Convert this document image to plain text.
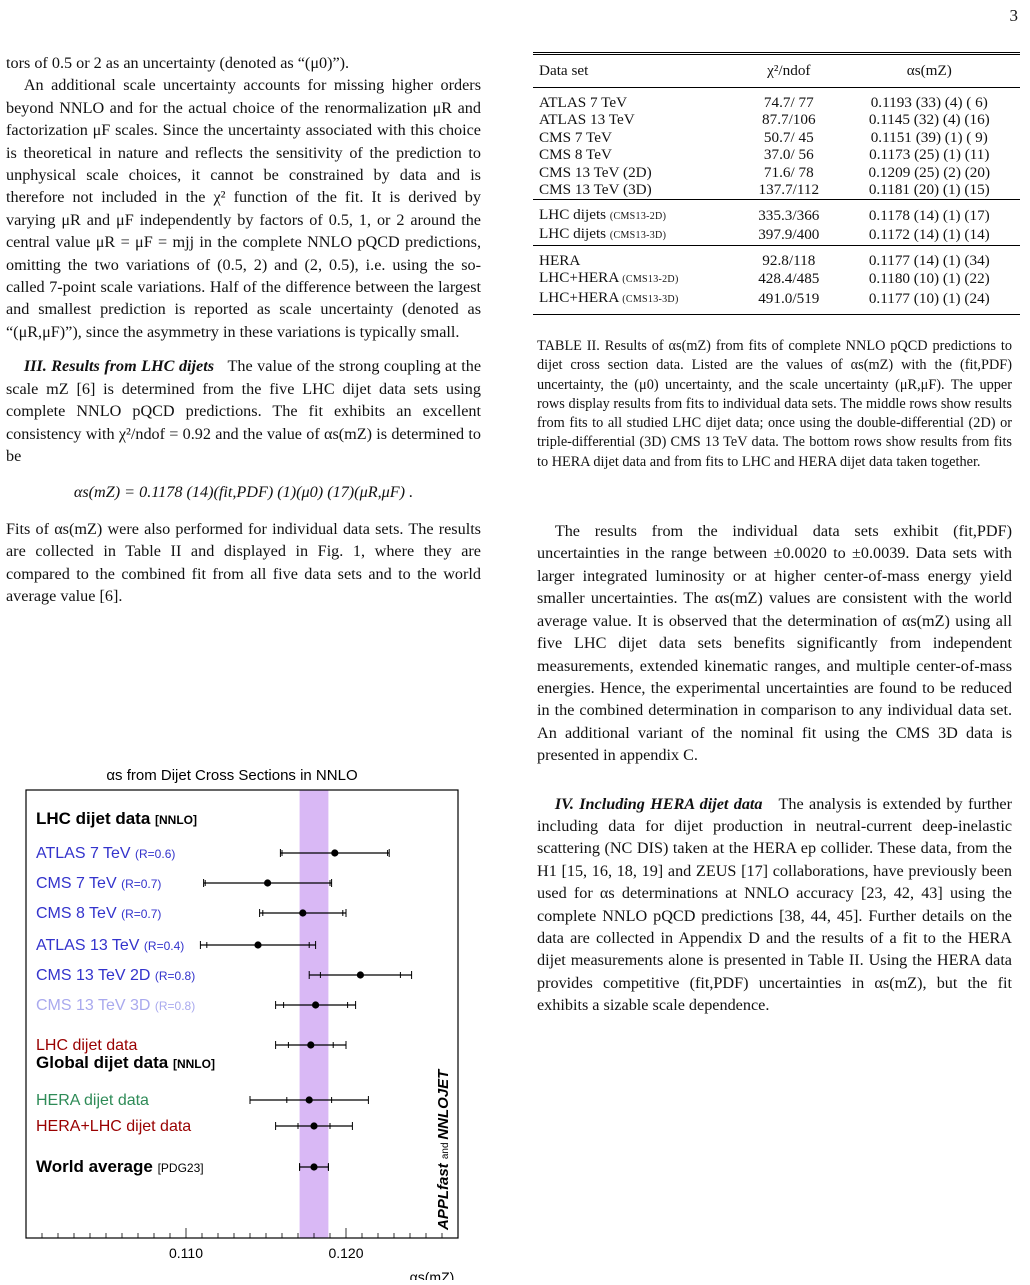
3

tors of 0.5 or 2 as an uncertainty (denoted as “(μ0)”).

An additional scale uncertainty accounts for missing higher orders beyond NNLO and for the actual choice of the renormalization μR and factorization μF scales. Since the uncertainty associated with this choice is theoretical in nature and reflects the sensitivity of the prediction to unphysical scale choices, it cannot be constrained by data and is therefore not included in the χ² function of the fit. It is derived by varying μR and μF independently by factors of 0.5, 1, or 2 around the central value μR = μF = mjj in the complete NNLO pQCD predictions, omitting the two variations of (0.5, 2) and (2, 0.5), i.e. using the so-called 7-point scale variations. Half of the difference between the largest and smallest prediction is reported as scale uncertainty (denoted as “(μR,μF)”), since the asymmetry in these variations is typically small.

III. Results from LHC dijets The value of the strong coupling at the scale mZ [6] is determined from the five LHC dijet data sets using complete NNLO pQCD predictions. The fit exhibits an excellent consistency with χ²/ndof = 0.92 and the value of αs(mZ) is determined to be

αs(mZ) = 0.1178 (14)(fit,PDF) (1)(μ0) (17)(μR,μF) .

Fits of αs(mZ) were also performed for individual data sets. The results are collected in Table II and displayed in Fig. 1, where they are compared to the combined fit from all five data sets and to the world average value [6].

Data set	χ²/ndof	αs(mZ)
ATLAS 7 TeV	74.7/ 77	0.1193 (33) (4) ( 6)
ATLAS 13 TeV	87.7/106	0.1145 (32) (4) (16)
CMS 7 TeV	50.7/ 45	0.1151 (39) (1) ( 9)
CMS 8 TeV	37.0/ 56	0.1173 (25) (1) (11)
CMS 13 TeV (2D)	71.6/ 78	0.1209 (25) (2) (20)
CMS 13 TeV (3D)	137.7/112	0.1181 (20) (1) (15)
LHC dijets (CMS13-2D)	335.3/366	0.1178 (14) (1) (17)
LHC dijets (CMS13-3D)	397.9/400	0.1172 (14) (1) (14)
HERA	92.8/118	0.1177 (14) (1) (34)
LHC+HERA (CMS13-2D)	428.4/485	0.1180 (10) (1) (22)
LHC+HERA (CMS13-3D)	491.0/519	0.1177 (10) (1) (24)
TABLE II. Results of αs(mZ) from fits of complete NNLO pQCD predictions to dijet cross section data. Listed are the values of αs(mZ) with the (fit,PDF) uncertainty, the (μ0) uncertainty, and the scale uncertainty (μR,μF). The upper rows display results from fits to individual data sets. The middle rows show results from fits to all studied LHC dijet data; once using the double-differential (2D) or triple-differential (3D) CMS 13 TeV data. The bottom rows show results from fits to HERA dijet data and from fits to LHC and HERA dijet data taken together.

The results from the individual data sets exhibit (fit,PDF) uncertainties in the range between ±0.0020 to ±0.0039. Data sets with larger integrated luminosity or at higher center-of-mass energy yield smaller uncertainties. The αs(mZ) values are consistent with the world average value. It is observed that the determination of αs(mZ) using all five LHC dijet data sets benefits significantly from independent measurements, extended kinematic ranges, and multiple center-of-mass energies. Hence, the experimental uncertainties are found to be reduced in the combined determination in comparison to any individual data set. An additional variant of the nominal fit using the CMS 3D data is presented in appendix C.

IV. Including HERA dijet data The analysis is extended by further including data for dijet production in neutral-current deep-inelastic scattering (NC DIS) taken at the HERA ep collider. These data, from the H1 [15, 16, 18, 19] and ZEUS [17] collaborations, have previously been used for αs determinations at NNLO accuracy [23, 42, 43] using the complete NNLO pQCD predictions [38, 44, 45]. Further details on the data are collected in Appendix D and the results of a fit to the HERA dijet measurements alone is presented in Table II. Using the HERA data provides competitive (fit,PDF) uncertainties in αs(mZ), but the fit exhibits a sizable scale dependence.

αs from Dijet Cross Sections in NNLO
0.110	0.120
αs(mZ)
APPLfast and NNLOJET
LHC dijet data [NNLO]
Global dijet data [NNLO]
ATLAS 7 TeV (R=0.6)
CMS 7 TeV (R=0.7)
CMS 8 TeV (R=0.7)
ATLAS 13 TeV (R=0.4)
CMS 13 TeV 2D (R=0.8)
CMS 13 TeV 3D (R=0.8)
LHC dijet data
HERA dijet data
HERA+LHC dijet data
World average [PDG23]
